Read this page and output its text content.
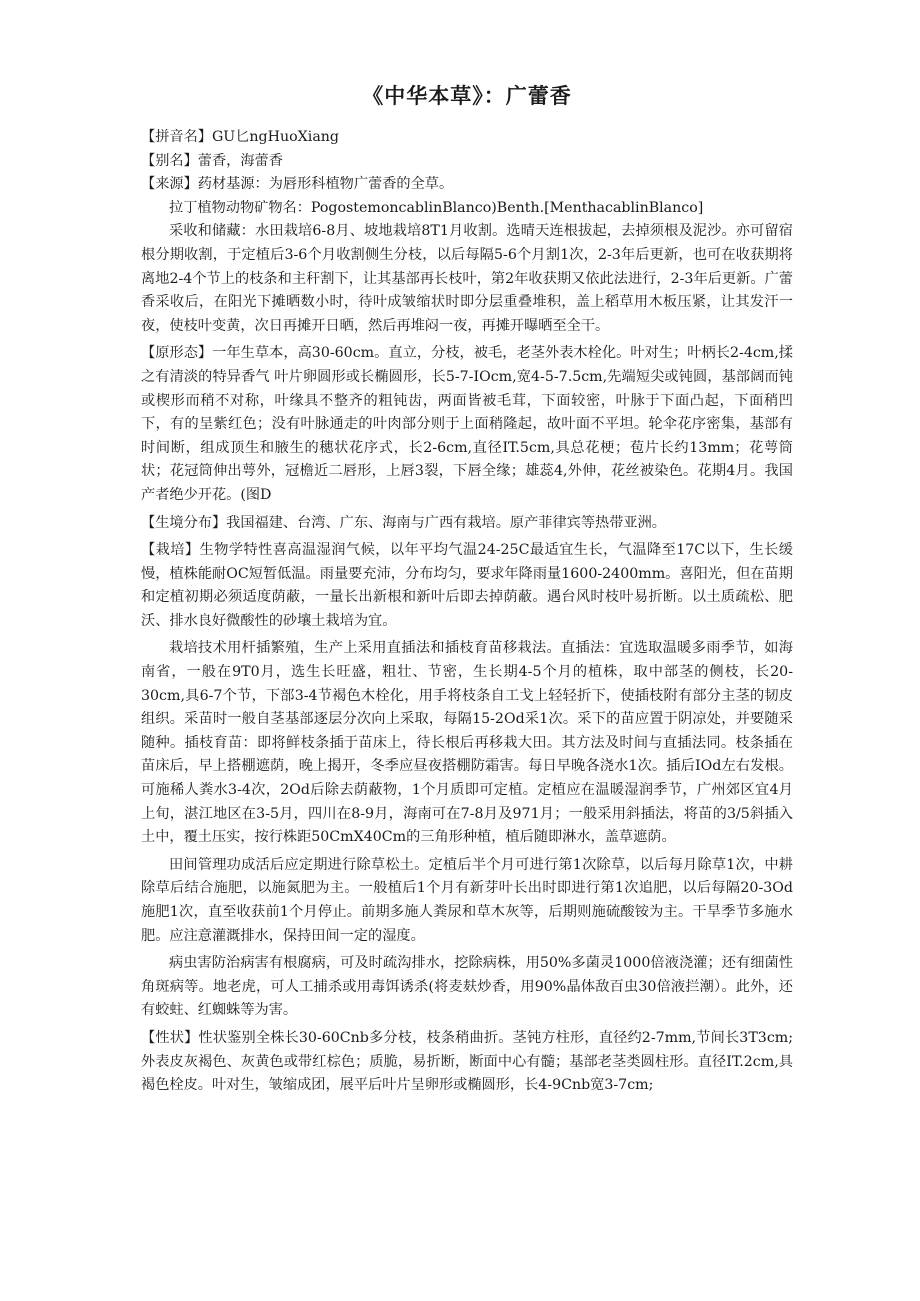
《中华本草》：广蕾香

【拼音名】GU匕ngHuoXiang

【别名】蕾香，海蕾香

【来源】药材基源：为唇形科植物广蕾香的全草。

拉丁植物动物矿物名：PogostemoncablinBlanco)Benth.[MenthacablinBlanco]

采收和储藏：水田栽培6-8月、坡地栽培8T1月收割。选晴天连根拔起，去掉须根及泥沙。亦可留宿根分期收割，于定植后3-6个月收割侧生分枝，以后每隔5-6个月割1次，2-3年后更新，也可在收获期将离地2-4个节上的枝条和主秆割下，让其基部再长枝叶，第2年收获期又依此法进行，2-3年后更新。广蕾香采收后，在阳光下摊晒数小时，待叶成皱缩状时即分层重叠堆积，盖上稻草用木板压紧，让其发汗一夜，使枝叶变黄，次日再摊开日晒，然后再堆闷一夜，再摊开曝晒至全干。

【原形态】一年生草本，高30-60cm。直立，分枝，被毛，老茎外表木栓化。叶对生；叶柄长2-4cm,揉之有清淡的特异香气 叶片卵圆形或长椭圆形，长5-7-IOcm,宽4-5-7.5cm,先端短尖或钝圆，基部阔而钝或楔形而稍不对称，叶缘具不整齐的粗钝齿，两面皆被毛茸，下面较密，叶脉于下面凸起，下面稍凹下，有的呈紫红色；没有叶脉通走的叶肉部分则于上面稍隆起，故叶面不平坦。轮伞花序密集，基部有时间断，组成顶生和腋生的穗状花序式，长2-6cm,直径IT.5cm,具总花梗；苞片长约13mm；花萼筒状；花冠筒伸出萼外，冠檐近二唇形，上唇3裂，下唇全缘；雄蕊4,外伸，花丝被染色。花期4月。我国产者绝少开花。(图D

【生境分布】我国福建、台湾、广东、海南与广西有栽培。原产菲律宾等热带亚洲。

【栽培】生物学特性喜高温湿润气候，以年平均气温24-25C最适宜生长，气温降至17C以下，生长缓慢，植株能耐OC短暂低温。雨量要充沛，分布均匀，要求年降雨量1600-2400mm。喜阳光，但在苗期和定植初期必须适度荫蔽，一量长出新根和新叶后即去掉荫蔽。遇台风时枝叶易折断。以土质疏松、肥沃、排水良好微酸性的砂壤土栽培为宜。

栽培技术用杆插繁殖，生产上采用直插法和插枝育苗移栽法。直插法：宜选取温暖多雨季节，如海南省，一般在9T0月，选生长旺盛，粗壮、节密，生长期4-5个月的植株，取中部茎的侧枝，长20-30cm,具6-7个节，下部3-4节褐色木栓化，用手将枝条自工戈上轻轻折下，使插枝附有部分主茎的韧皮组织。采苗时一般自茎基部逐层分次向上采取，每隔15-2Od采1次。采下的苗应置于阴凉处，并要随采随种。插枝育苗：即将鲜枝条插于苗床上，待长根后再移栽大田。其方法及时间与直插法同。枝条插在苗床后，早上搭棚遮荫，晚上揭开，冬季应昼夜搭棚防霜害。每日早晚各浇水1次。插后IOd左右发根。可施稀人粪水3-4次，2Od后除去荫蔽物，1个月质即可定植。定植应在温暖湿润季节，广州郊区宜4月上旬，湛江地区在3-5月，四川在8-9月，海南可在7-8月及971月；一般采用斜插法，将苗的3/5斜插入土中，覆土压实，按行株距50CmX40Cm的三角形种植，植后随即淋水，盖草遮荫。

田间管理功成活后应定期进行除草松土。定植后半个月可进行第1次除草，以后每月除草1次，中耕除草后结合施肥，以施氮肥为主。一般植后1个月有新芽叶长出时即进行第1次追肥，以后每隔20-3Od施肥1次，直至收获前1个月停止。前期多施人粪尿和草木灰等，后期则施硫酸铵为主。干旱季节多施水肥。应注意灌溉排水，保持田间一定的湿度。

病虫害防治病害有根腐病，可及时疏沟排水，挖除病株，用50%多菌灵1000倍液浇灌；还有细菌性角斑病等。地老虎，可人工捕杀或用毒饵诱杀(将麦麸炒香，用90%晶体敌百虫30倍液拦潮）。此外，还有蛟蛀、红蜘蛛等为害。

【性状】性状鉴别全株长30-60Cnb多分枝，枝条稍曲折。茎钝方柱形，直径约2-7mm,节间长3T3cm;外表皮灰褐色、灰黄色或带红棕色；质脆，易折断，断面中心有髓；基部老茎类圆柱形。直径IT.2cm,具褐色栓皮。叶对生，皱缩成团，展平后叶片呈卵形或椭圆形，长4-9Cnb宽3-7cm;
